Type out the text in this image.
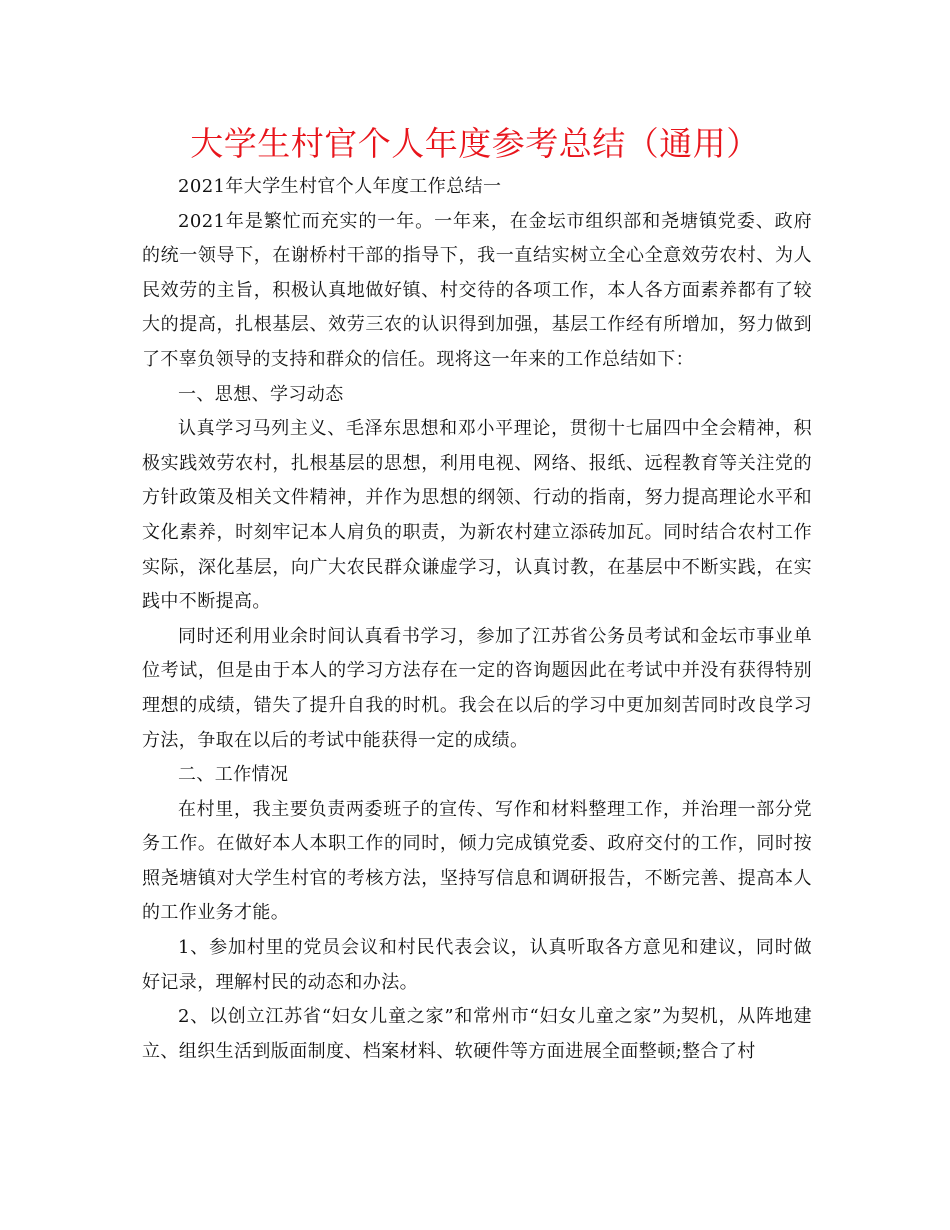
大学生村官个人年度参考总结（通用）

2021年大学生村官个人年度工作总结一

2021年是繁忙而充实的一年。一年来，在金坛市组织部和尧塘镇党委、政府的统一领导下，在谢桥村干部的指导下，我一直结实树立全心全意效劳农村、为人民效劳的主旨，积极认真地做好镇、村交待的各项工作，本人各方面素养都有了较大的提高，扎根基层、效劳三农的认识得到加强，基层工作经有所增加，努力做到了不辜负领导的支持和群众的信任。现将这一年来的工作总结如下：

一、思想、学习动态

认真学习马列主义、毛泽东思想和邓小平理论，贯彻十七届四中全会精神，积极实践效劳农村，扎根基层的思想，利用电视、网络、报纸、远程教育等关注党的方针政策及相关文件精神，并作为思想的纲领、行动的指南，努力提高理论水平和文化素养，时刻牢记本人肩负的职责，为新农村建立添砖加瓦。同时结合农村工作实际，深化基层，向广大农民群众谦虚学习，认真讨教，在基层中不断实践，在实践中不断提高。

同时还利用业余时间认真看书学习，参加了江苏省公务员考试和金坛市事业单位考试，但是由于本人的学习方法存在一定的咨询题因此在考试中并没有获得特别理想的成绩，错失了提升自我的时机。我会在以后的学习中更加刻苦同时改良学习方法，争取在以后的考试中能获得一定的成绩。

二、工作情况

在村里，我主要负责两委班子的宣传、写作和材料整理工作，并治理一部分党务工作。在做好本人本职工作的同时，倾力完成镇党委、政府交付的工作，同时按照尧塘镇对大学生村官的考核方法，坚持写信息和调研报告，不断完善、提高本人的工作业务才能。

1、参加村里的党员会议和村民代表会议，认真听取各方意见和建议，同时做好记录，理解村民的动态和办法。

2、以创立江苏省“妇女儿童之家”和常州市“妇女儿童之家”为契机，从阵地建立、组织生活到版面制度、档案材料、软硬件等方面进展全面整顿;整合了村
